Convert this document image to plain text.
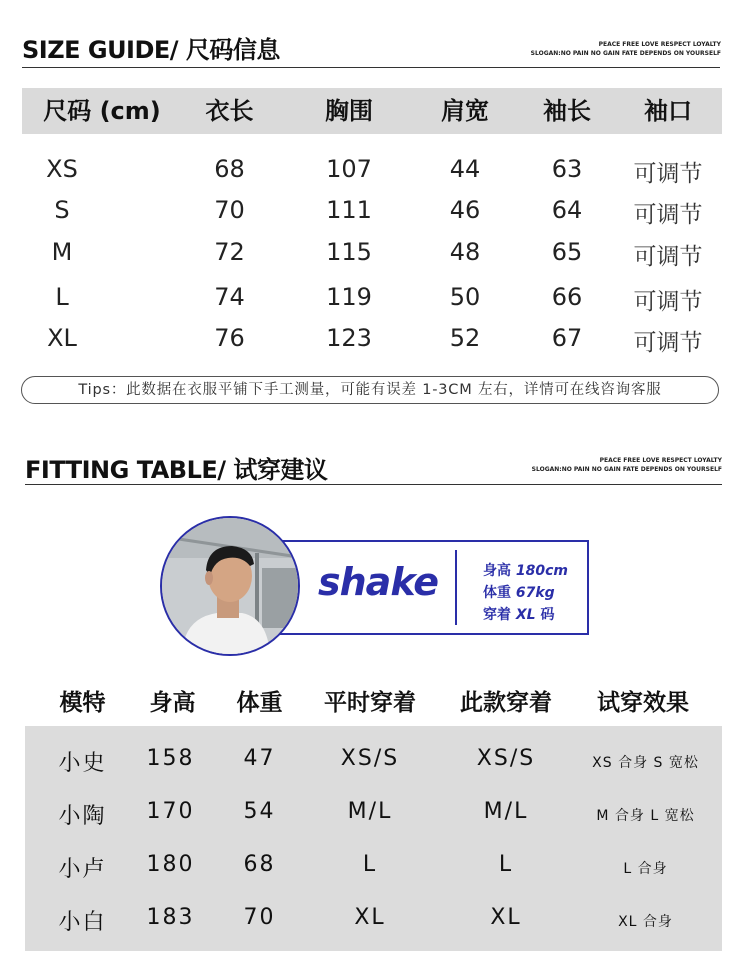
SIZE GUIDE/ 尺码信息	PEACE FREE LOVE RESPECT LOYALTY
SLOGAN:NO PAIN NO GAIN FATE DEPENDS ON YOURSELF
尺码 (cm)	衣长	胸围	肩宽	袖长	袖口
XS	68	107	44	63	可调节
S	70	111	46	64	可调节
M	72	115	48	65	可调节
L	74	119	50	66	可调节
XL	76	123	52	67	可调节
Tips：此数据在衣服平铺下手工测量，可能有误差 1-3CM 左右，详情可在线咨询客服
FITTING TABLE/ 试穿建议	PEACE FREE LOVE RESPECT LOYALTY
SLOGAN:NO PAIN NO GAIN FATE DEPENDS ON YOURSELF
shake	身高 180cm
体重 67kg
穿着 XL 码
模特	身高	体重	平时穿着	此款穿着	试穿效果
小史	158	47	XS/S	XS/S	XS 合身 S 宽松
小陶	170	54	M/L	M/L	M 合身 L 宽松
小卢	180	68	L	L	L 合身
小白	183	70	XL	XL	XL 合身
